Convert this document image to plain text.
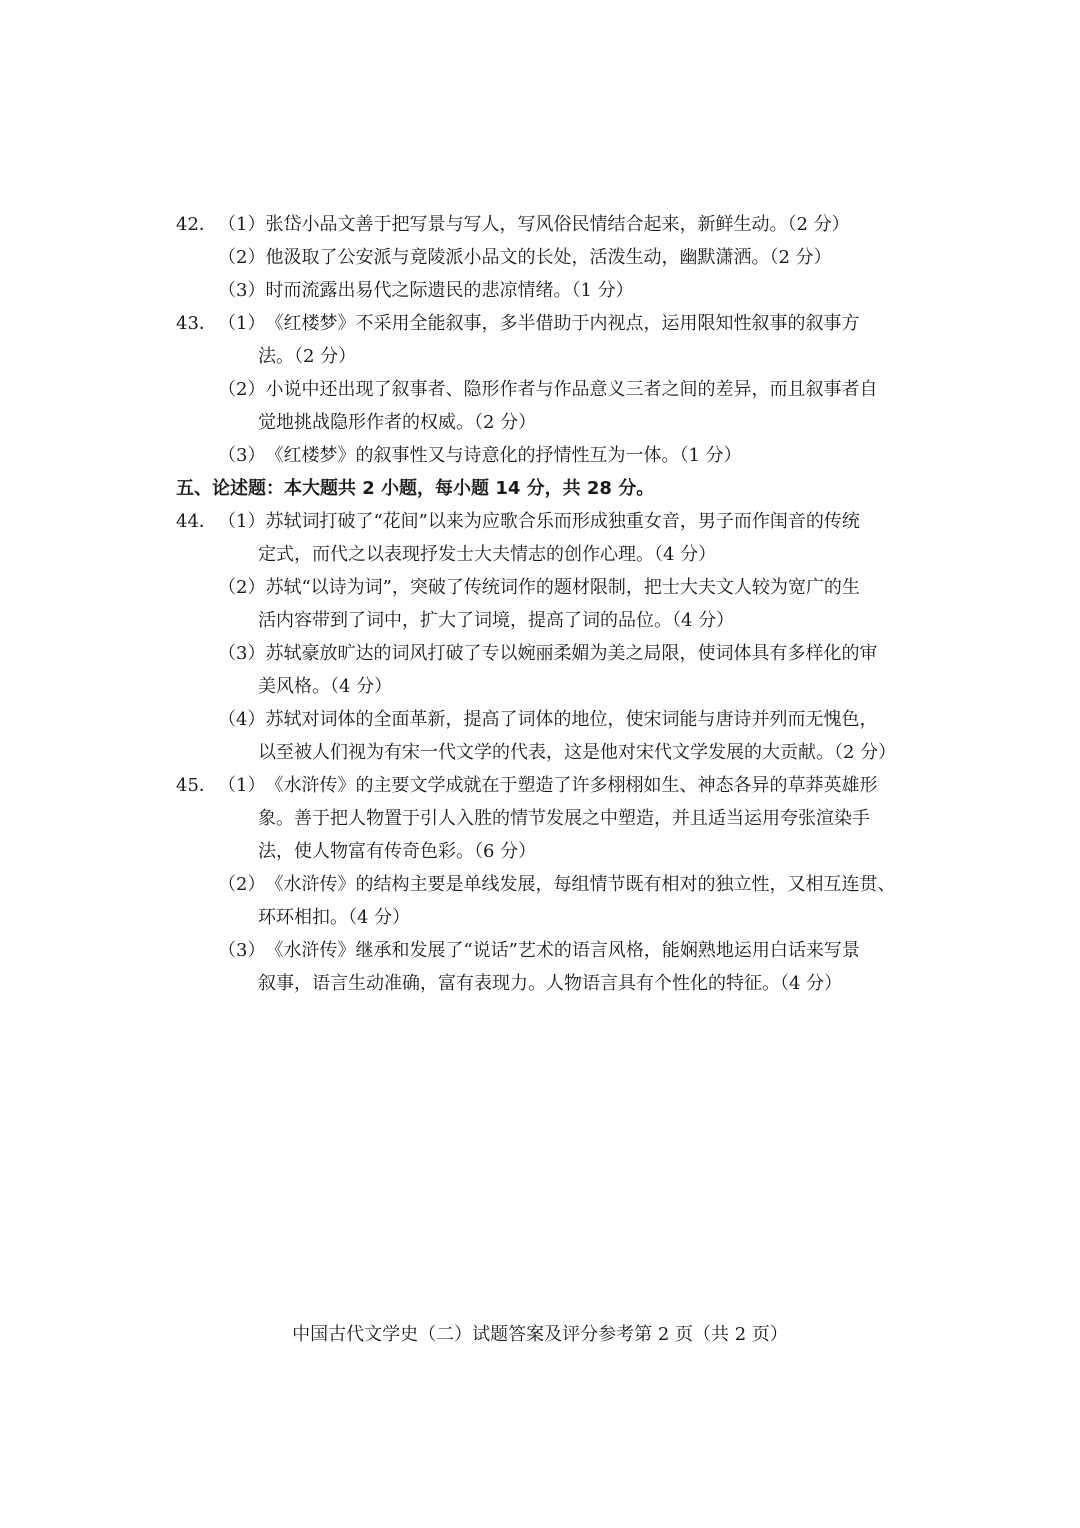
42． （1） 张岱小品文善于把写景与写人，写风俗民情结合起来，新鲜生动。（2 分）
（2） 他汲取了公安派与竟陵派小品文的长处，活泼生动，幽默潇洒。（2 分）
（3） 时而流露出易代之际遗民的悲凉情绪。（1 分）
43． （1） 《红楼梦》不采用全能叙事，多半借助于内视点，运用限知性叙事的叙事方
法。（2 分）
（2） 小说中还出现了叙事者、隐形作者与作品意义三者之间的差异，而且叙事者自
觉地挑战隐形作者的权威。（2 分）
（3） 《红楼梦》的叙事性又与诗意化的抒情性互为一体。（1 分）
五、论述题：本大题共 2 小题，每小题 14 分，共 28 分。
44． （1） 苏轼词打破了“花间”以来为应歌合乐而形成独重女音，男子而作闺音的传统
定式，而代之以表现抒发士大夫情志的创作心理。（4 分）
（2） 苏轼“以诗为词”，突破了传统词作的题材限制，把士大夫文人较为宽广的生
活内容带到了词中，扩大了词境，提高了词的品位。（4 分）
（3） 苏轼豪放旷达的词风打破了专以婉丽柔媚为美之局限，使词体具有多样化的审
美风格。（4 分）
（4） 苏轼对词体的全面革新，提高了词体的地位，使宋词能与唐诗并列而无愧色，
以至被人们视为有宋一代文学的代表，这是他对宋代文学发展的大贡献。（2 分）
45． （1） 《水浒传》的主要文学成就在于塑造了许多栩栩如生、神态各异的草莽英雄形
象。善于把人物置于引人入胜的情节发展之中塑造，并且适当运用夸张渲染手
法，使人物富有传奇色彩。（6 分）
（2） 《水浒传》的结构主要是单线发展，每组情节既有相对的独立性，又相互连贯、
环环相扣。（4 分）
（3） 《水浒传》继承和发展了“说话”艺术的语言风格，能娴熟地运用白话来写景
叙事，语言生动准确，富有表现力。人物语言具有个性化的特征。（4 分）
中国古代文学史（二）试题答案及评分参考第 2 页（共 2 页）
